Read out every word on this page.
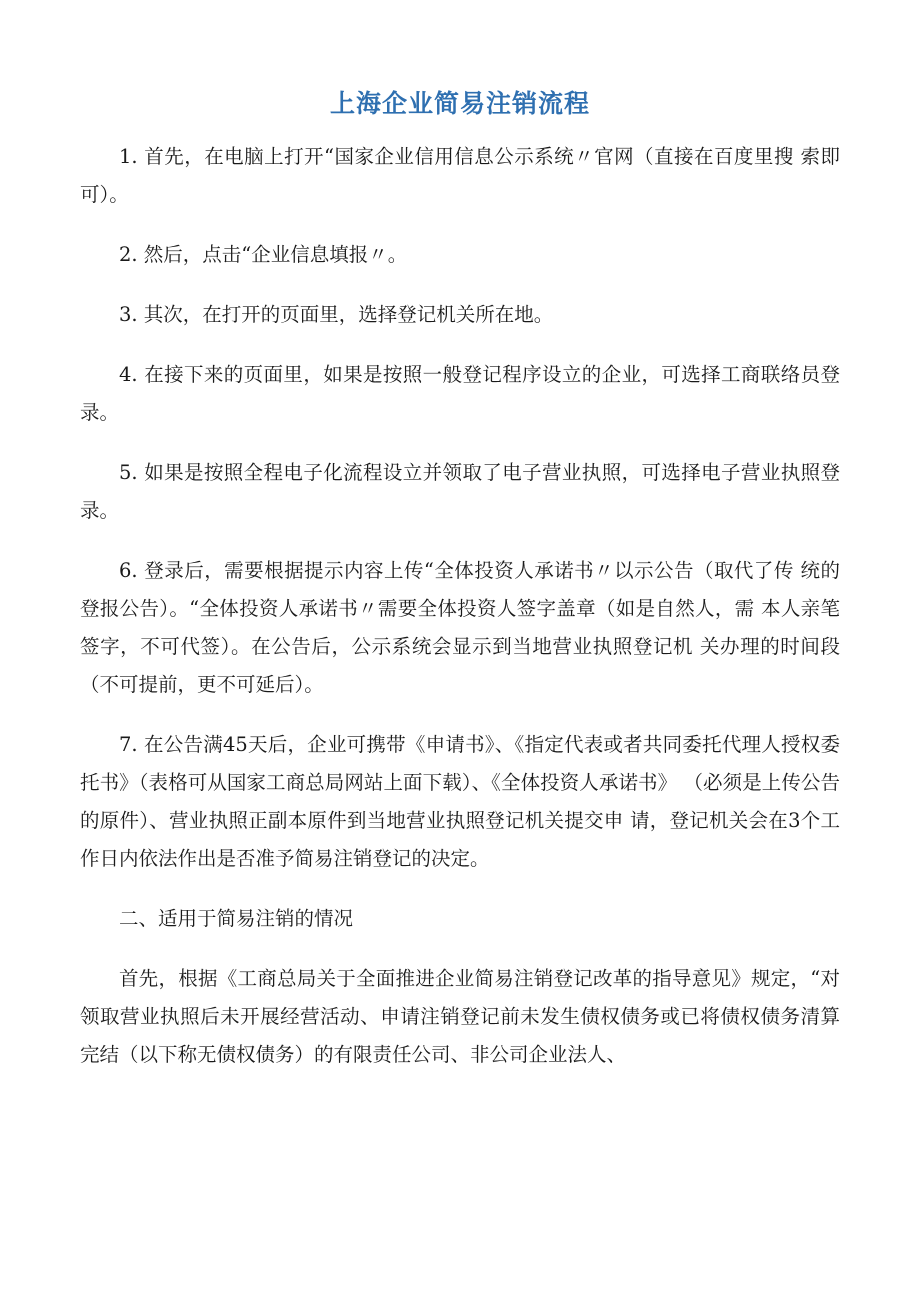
上海企业简易注销流程

1. 首先，在电脑上打开“国家企业信用信息公示系统〃官网（直接在百度里搜 索即可）。

2. 然后，点击“企业信息填报〃。

3. 其次，在打开的页面里，选择登记机关所在地。

4. 在接下来的页面里，如果是按照一般登记程序设立的企业，可选择工商联络员登录。

5. 如果是按照全程电子化流程设立并领取了电子营业执照，可选择电子营业执照登录。

6. 登录后，需要根据提示内容上传“全体投资人承诺书〃以示公告（取代了传 统的登报公告）。“全体投资人承诺书〃需要全体投资人签字盖章（如是自然人，需 本人亲笔签字，不可代签）。在公告后，公示系统会显示到当地营业执照登记机 关办理的时间段（不可提前，更不可延后）。

7. 在公告满45天后，企业可携带《申请书》、《指定代表或者共同委托代理人授权委托书》（表格可从国家工商总局网站上面下载）、《全体投资人承诺书》 （必须是上传公告的原件）、营业执照正副本原件到当地营业执照登记机关提交申 请，登记机关会在3个工作日内依法作出是否准予简易注销登记的决定。

二、适用于简易注销的情况

首先，根据《工商总局关于全面推进企业简易注销登记改革的指导意见》规定，“对领取营业执照后未开展经营活动、申请注销登记前未发生债权债务或已将债权债务清算完结（以下称无债权债务）的有限责任公司、非公司企业法人、
